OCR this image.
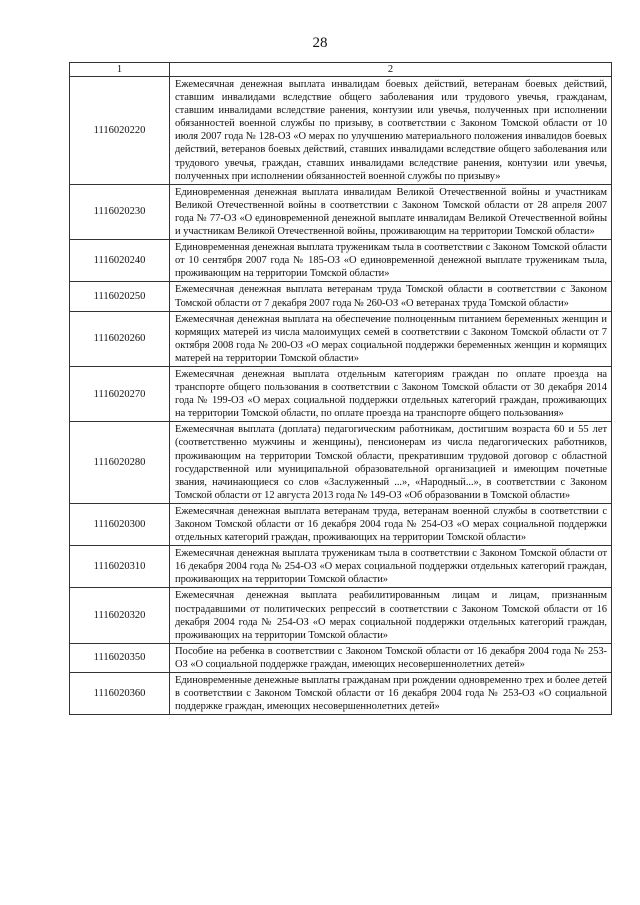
28
1	2
1116020220	Ежемесячная денежная выплата инвалидам боевых действий, ветеранам боевых действий, ставшим инвалидами вследствие общего заболевания или трудового увечья, гражданам, ставшим инвалидами вследствие ранения, контузии или увечья, полученных при исполнении обязанностей военной службы по призыву, в соответствии с Законом Томской области от 10 июля 2007 года № 128-ОЗ «О мерах по улучшению материального положения инвалидов боевых действий, ветеранов боевых действий, ставших инвалидами вследствие общего заболевания или трудового увечья, граждан, ставших инвалидами вследствие ранения, контузии или увечья, полученных при исполнении обязанностей военной службы по призыву»
1116020230	Единовременная денежная выплата инвалидам Великой Отечественной войны и участникам Великой Отечественной войны в соответствии с Законом Томской области от 28 апреля 2007 года № 77-ОЗ «О единовременной денежной выплате инвалидам Великой Отечественной войны и участникам Великой Отечественной войны, проживающим на территории Томской области»
1116020240	Единовременная денежная выплата труженикам тыла в соответствии с Законом Томской области от 10 сентября 2007 года № 185-ОЗ «О единовременной денежной выплате труженикам тыла, проживающим на территории Томской области»
1116020250	Ежемесячная денежная выплата ветеранам труда Томской области в соответствии с Законом Томской области от 7 декабря 2007 года № 260-ОЗ «О ветеранах труда Томской области»
1116020260	Ежемесячная денежная выплата на обеспечение полноценным питанием беременных женщин и кормящих матерей из числа малоимущих семей в соответствии с Законом Томской области от 7 октября 2008 года № 200-ОЗ «О мерах социальной поддержки беременных женщин и кормящих матерей на территории Томской области»
1116020270	Ежемесячная денежная выплата отдельным категориям граждан по оплате проезда на транспорте общего пользования в соответствии с Законом Томской области от 30 декабря 2014 года № 199-ОЗ «О мерах социальной поддержки отдельных категорий граждан, проживающих на территории Томской области, по оплате проезда на транспорте общего пользования»
1116020280	Ежемесячная выплата (доплата) педагогическим работникам, достигшим возраста 60 и 55 лет (соответственно мужчины и женщины), пенсионерам из числа педагогических работников, проживающим на территории Томской области, прекратившим трудовой договор с областной государственной или муниципальной образовательной организацией и имеющим почетные звания, начинающиеся со слов «Заслуженный ...», «Народный...», в соответствии с Законом Томской области от 12 августа 2013 года № 149-ОЗ «Об образовании в Томской области»
1116020300	Ежемесячная денежная выплата ветеранам труда, ветеранам военной службы в соответствии с Законом Томской области от 16 декабря 2004 года № 254-ОЗ «О мерах социальной поддержки отдельных категорий граждан, проживающих на территории Томской области»
1116020310	Ежемесячная денежная выплата труженикам тыла в соответствии с Законом Томской области от 16 декабря 2004 года № 254-ОЗ «О мерах социальной поддержки отдельных категорий граждан, проживающих на территории Томской области»
1116020320	Ежемесячная денежная выплата реабилитированным лицам и лицам, признанным пострадавшими от политических репрессий в соответствии с Законом Томской области от 16 декабря 2004 года № 254-ОЗ «О мерах социальной поддержки отдельных категорий граждан, проживающих на территории Томской области»
1116020350	Пособие на ребенка в соответствии с Законом Томской области от 16 декабря 2004 года № 253-ОЗ «О социальной поддержке граждан, имеющих несовершеннолетних детей»
1116020360	Единовременные денежные выплаты гражданам при рождении одновременно трех и более детей в соответствии с Законом Томской области от 16 декабря 2004 года № 253-ОЗ «О социальной поддержке граждан, имеющих несовершеннолетних детей»
